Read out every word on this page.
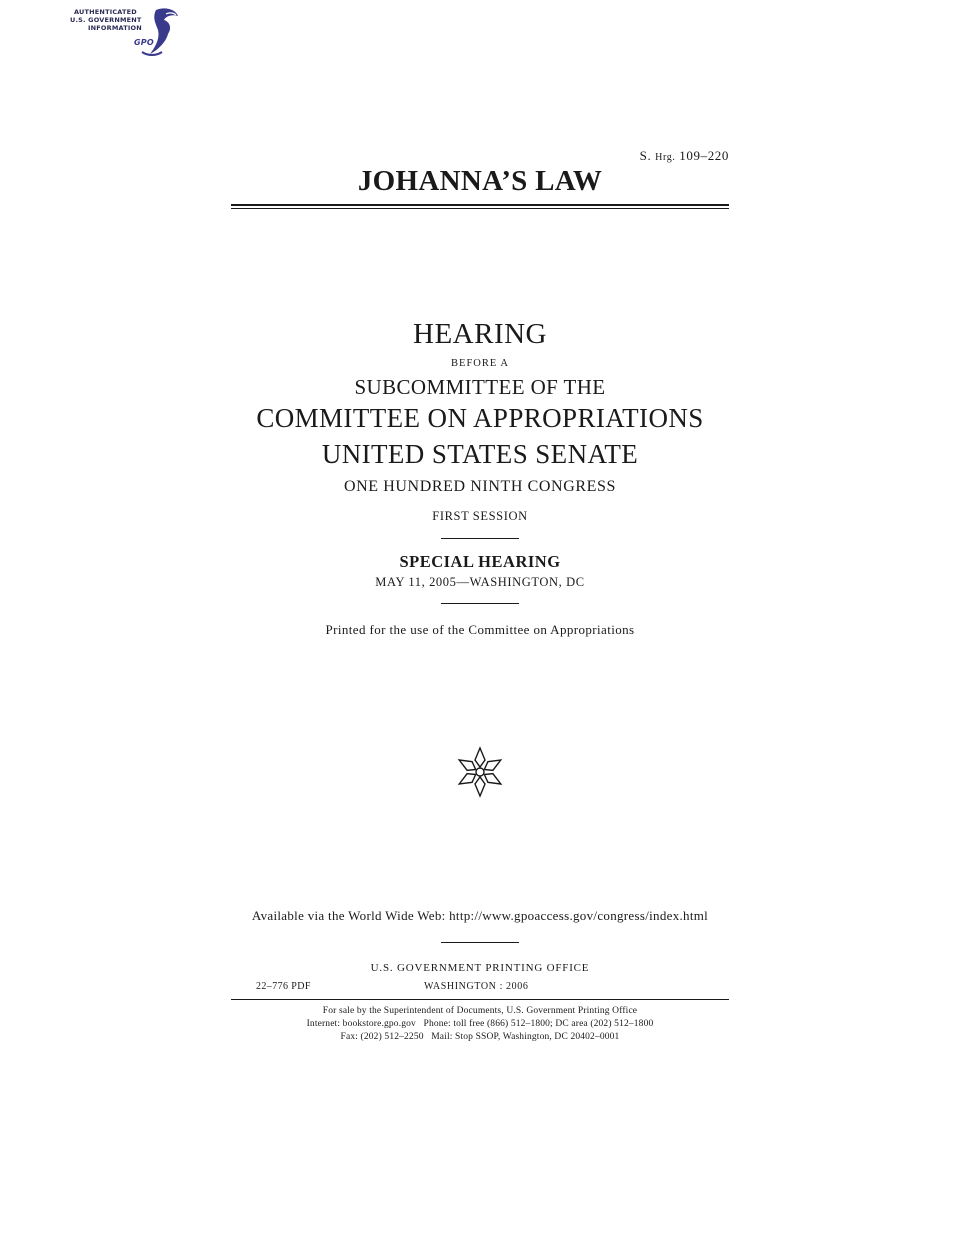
AUTHENTICATED
U.S. GOVERNMENT
INFORMATION
GPO
S. Hrg. 109–220
JOHANNA’S LAW
HEARING
BEFORE A
SUBCOMMITTEE OF THE
COMMITTEE ON APPROPRIATIONS
UNITED STATES SENATE
ONE HUNDRED NINTH CONGRESS
FIRST SESSION
SPECIAL HEARING
MAY 11, 2005—WASHINGTON, DC
Printed for the use of the Committee on Appropriations
Available via the World Wide Web: http://www.gpoaccess.gov/congress/index.html
U.S. GOVERNMENT PRINTING OFFICE
22–776 PDF	WASHINGTON : 2006
For sale by the Superintendent of Documents, U.S. Government Printing Office
Internet: bookstore.gpo.gov   Phone: toll free (866) 512–1800; DC area (202) 512–1800
Fax: (202) 512–2250   Mail: Stop SSOP, Washington, DC 20402–0001
